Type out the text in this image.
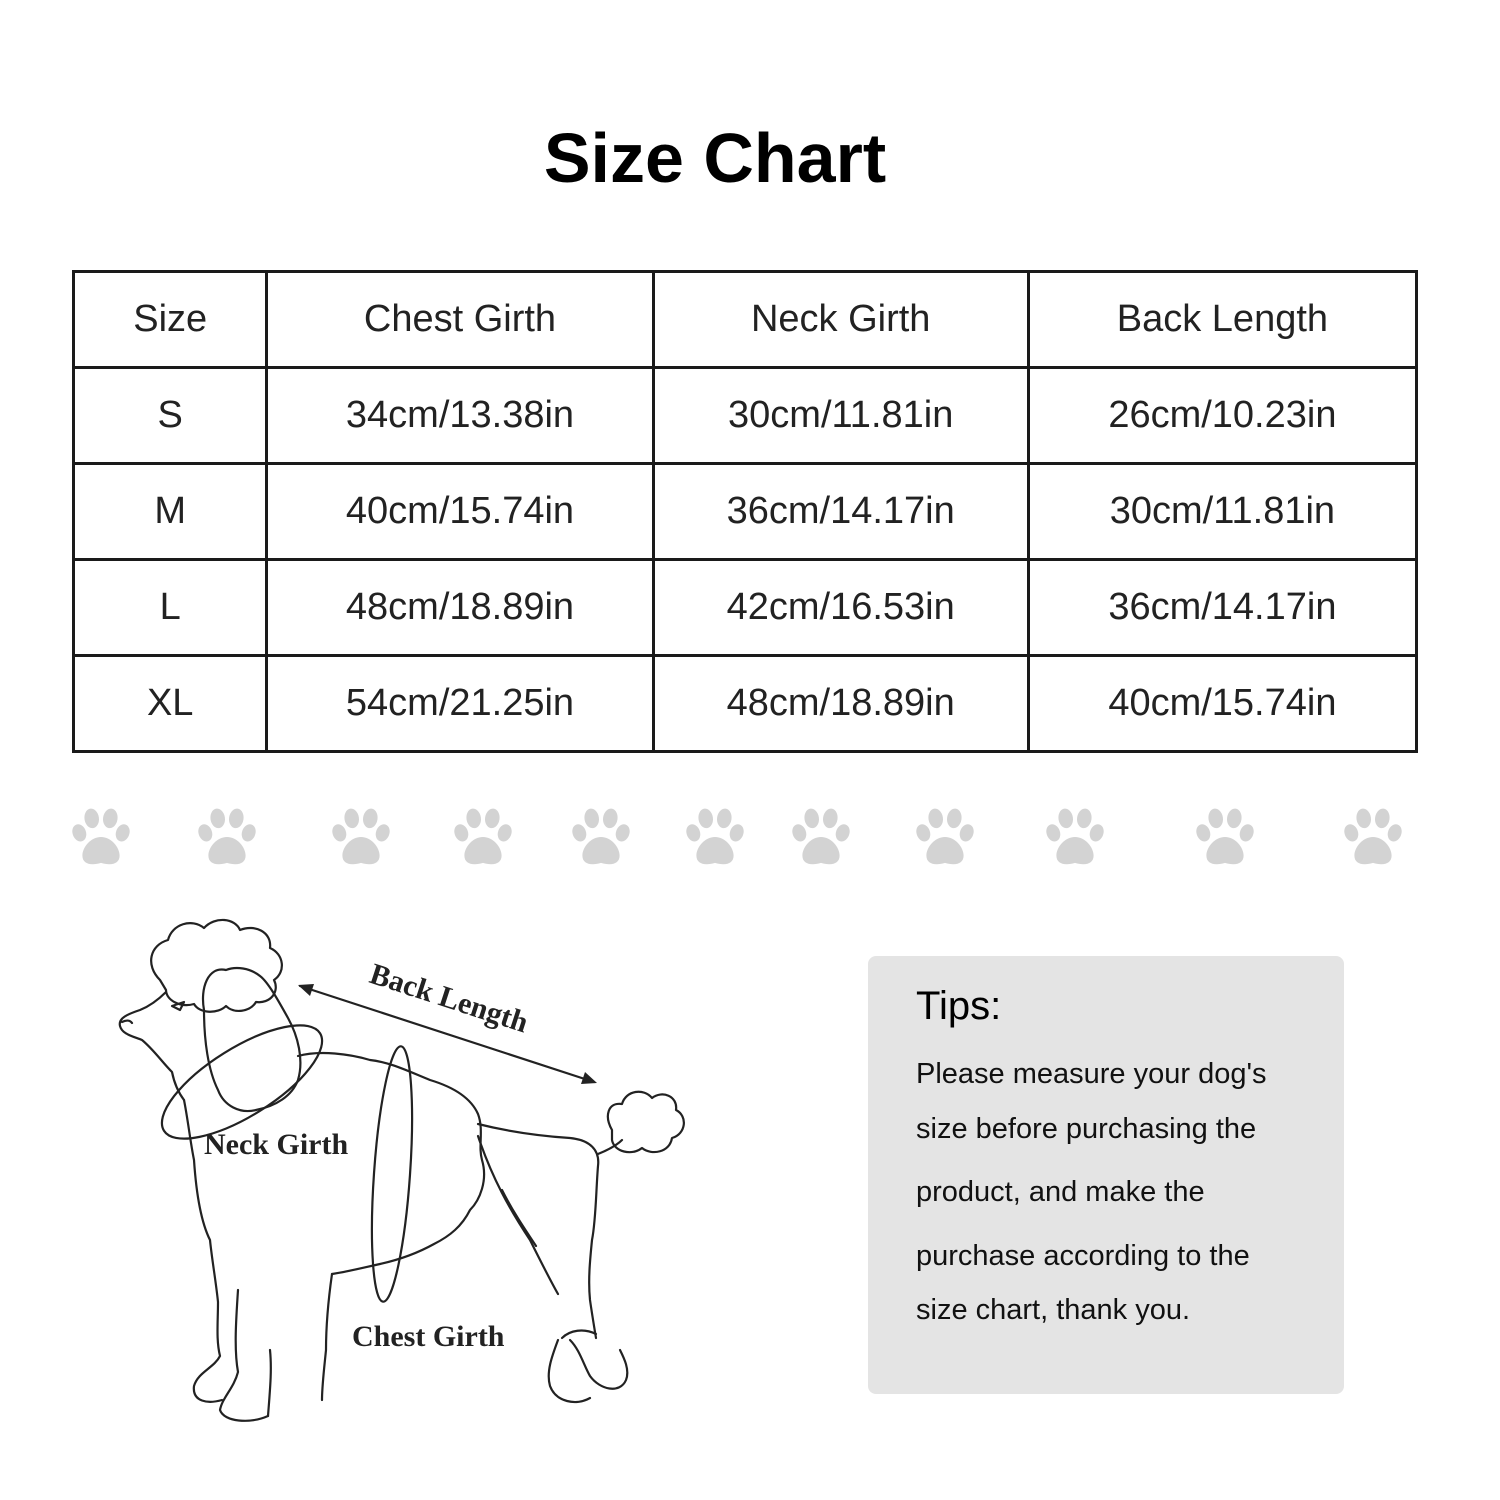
Size Chart
Size	Chest Girth	Neck Girth	Back Length
S	34cm/13.38in	30cm/11.81in	26cm/10.23in
M	40cm/15.74in	36cm/14.17in	30cm/11.81in
L	48cm/18.89in	42cm/16.53in	36cm/14.17in
XL	54cm/21.25in	48cm/18.89in	40cm/15.74in
Back Length
Neck Girth
Chest Girth
Tips:
Please measure your dog's
size before purchasing the
product, and make the
purchase according to the
size chart, thank you.
